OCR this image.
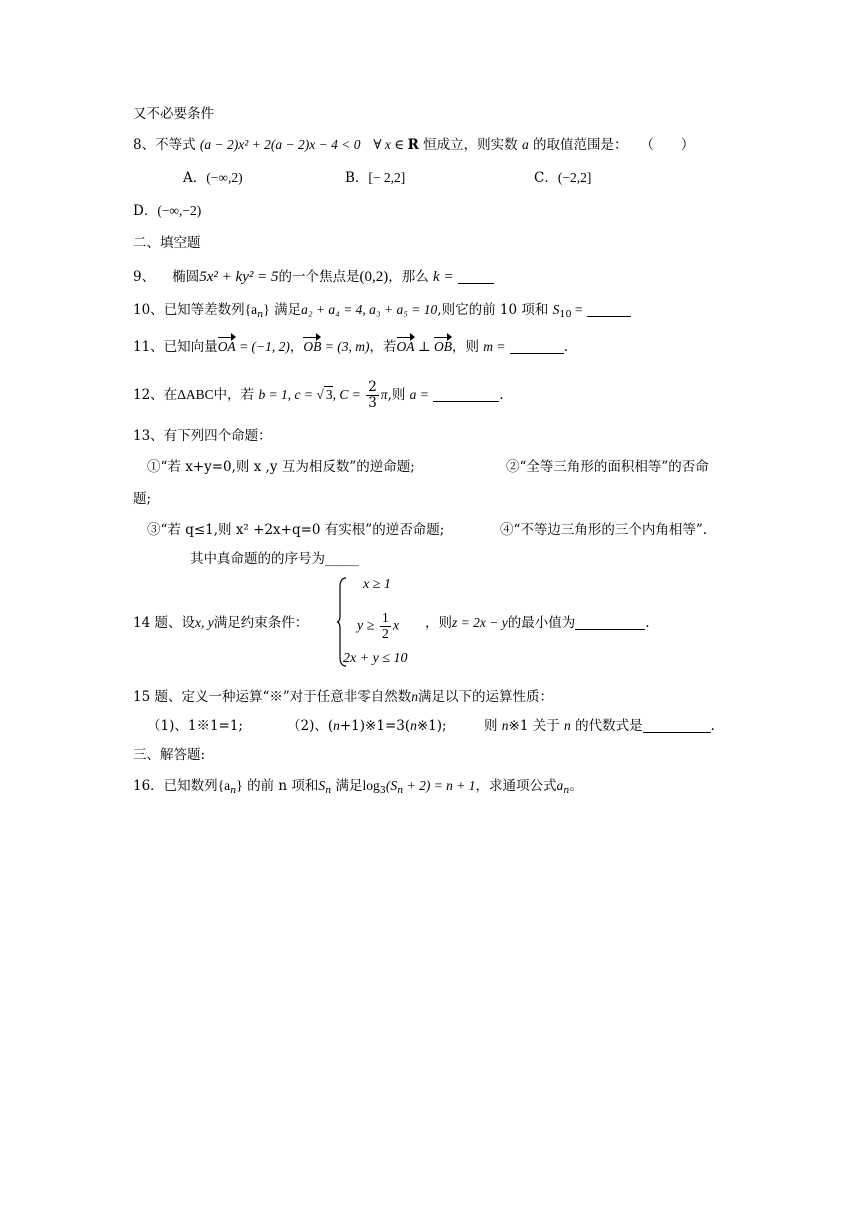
又不必要条件
8、不等式 (a − 2)x² + 2(a − 2)x − 4 < 0 ∀ x ∈ R 恒成立，则实数 a 的取值范围是： （　　）
A．(−∞,2)	B．[− 2,2]	C．(−2,2]
D．(−∞,−2)
二、填空题
9、 椭圆5x² + ky² = 5的一个焦点是(0,2)，那么 k =
10、已知等差数列$\{a_n\}$ 满足a₂ + a₄ = 4, a₃ + a₅ = 10,则它的前 10 项和 $S_{10}$ =
11、已知向量OA = (−1, 2)，OB = (3, m)，若OA ⊥ OB，则 m =	.
12、在ΔABC中，若 b = 1, c = √ 3, $C = \frac{2}{3} \pi$,则 a =	.
13、有下列四个命题：
①“若 x+y=0,则 x ,y 互为相反数”的逆命题;	②“全等三角形的面积相等”的否命
题;
③“若 q≤1,则 x² +2x+q=0 有实根”的逆否命题;	④“不等边三角形的三个内角相等”.
其中真命题的的序号为_____
x ≥ 1
$y \ge \frac{1}{2}$ x
2x + y ≤ 10
14 题、设x, y满足约束条件：	，则z = 2x − y的最小值为	.
15 题、定义一种运算“※”对于任意非零自然数n满足以下的运算性质：
（1)、1※1=1;	（2)、(n+1)※1=3(n※1);	则 n※1 关于 n 的代数式是	.
三、解答题:
16．已知数列$\{a_n\}$ 的前 n 项和$S_n$ 满足$\log_3(S_n + 2) = n + 1$，求通项公式$a_n$。
